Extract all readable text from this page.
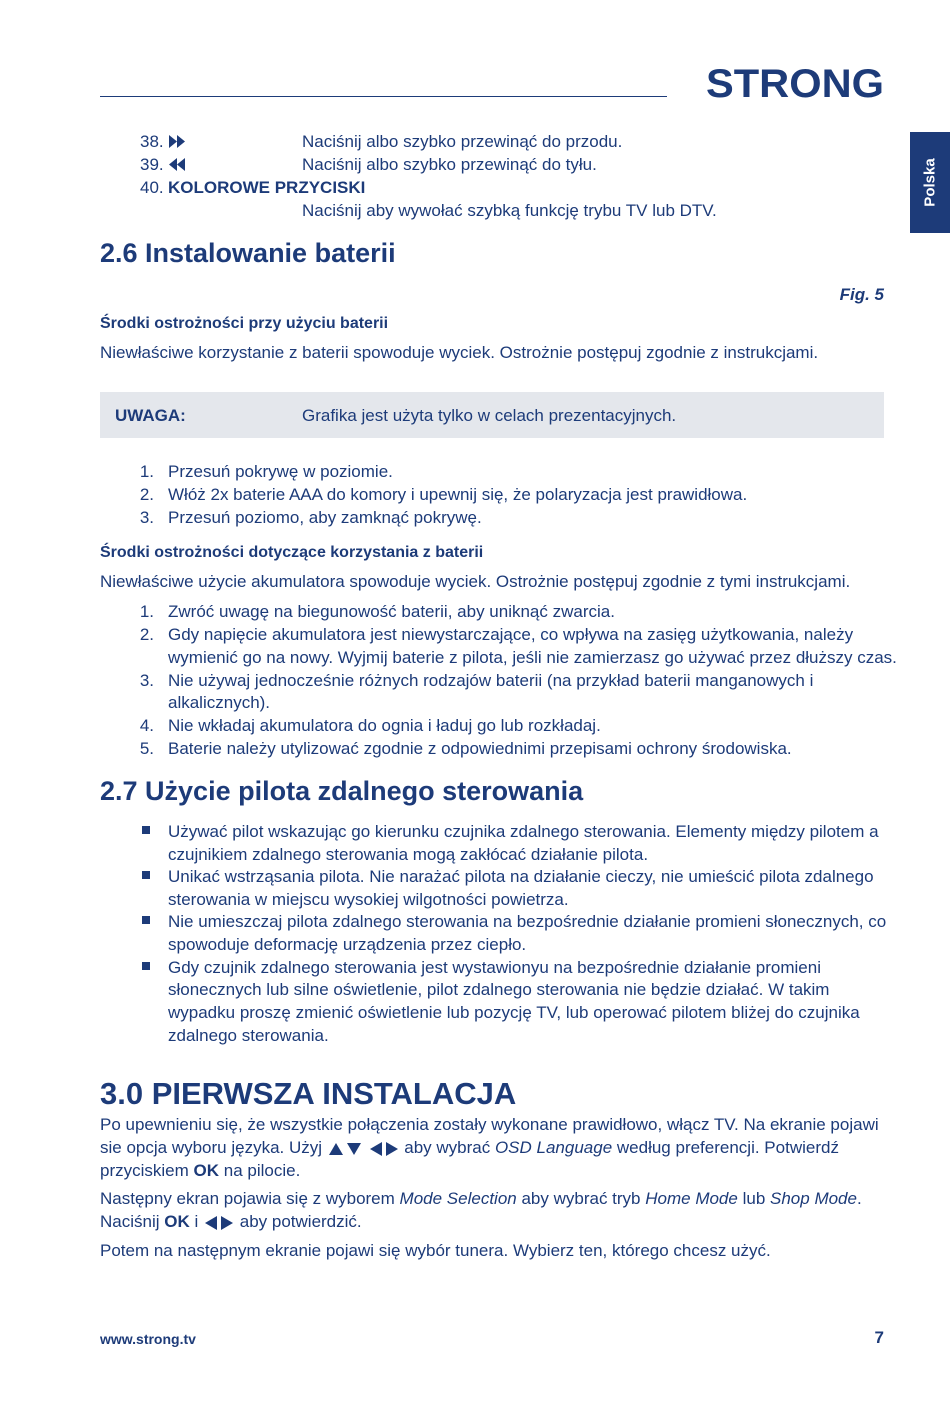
STRONG
Polska
38.	Naciśnij albo szybko przewinąć do przodu.
39.	Naciśnij albo szybko przewinąć do tyłu.
40. KOLOROWE PRZYCISKI
Naciśnij aby wywołać szybką funkcję trybu TV lub DTV.
2.6 Instalowanie baterii
Fig. 5
Środki ostrożności przy użyciu baterii
Niewłaściwe korzystanie z baterii spowoduje wyciek. Ostrożnie postępuj zgodnie z instrukcjami.
UWAGA:	Grafika jest użyta tylko w celach prezentacyjnych.
1. Przesuń pokrywę w poziomie.
2. Włóż 2x baterie AAA do komory i upewnij się, że polaryzacja jest prawidłowa.
3. Przesuń poziomo, aby zamknąć pokrywę.
Środki ostrożności dotyczące korzystania z baterii
Niewłaściwe użycie akumulatora spowoduje wyciek. Ostrożnie postępuj zgodnie z tymi instrukcjami.
1. Zwróć uwagę na biegunowość baterii, aby uniknąć zwarcia.
2. Gdy napięcie akumulatora jest niewystarczające, co wpływa na zasięg użytkowania, należy
wymienić go na nowy. Wyjmij baterie z pilota, jeśli nie zamierzasz go używać przez dłuższy czas.
3. Nie używaj jednocześnie różnych rodzajów baterii (na przykład baterii manganowych i
alkalicznych).
4. Nie wkładaj akumulatora do ognia i ładuj go lub rozkładaj.
5. Baterie należy utylizować zgodnie z odpowiednimi przepisami ochrony środowiska.
2.7 Użycie pilota zdalnego sterowania
Używać pilot wskazując go kierunku czujnika zdalnego sterowania. Elementy między pilotem a
czujnikiem zdalnego sterowania mogą zakłócać działanie pilota.
Unikać wstrząsania pilota. Nie narażać pilota na działanie cieczy, nie umieścić pilota zdalnego
sterowania w miejscu wysokiej wilgotności powietrza.
Nie umieszczaj pilota zdalnego sterowania na bezpośrednie działanie promieni słonecznych, co
spowoduje deformację urządzenia przez ciepło.
Gdy czujnik zdalnego sterowania jest wystawionyu na bezpośrednie działanie promieni
słonecznych lub silne oświetlenie, pilot zdalnego sterowania nie będzie działać. W takim
wypadku proszę zmienić oświetlenie lub pozycję TV, lub operować pilotem bliżej do czujnika
zdalnego sterowania.
3.0 PIERWSZA INSTALACJA
Po upewnieniu się, że wszystkie połączenia zostały wykonane prawidłowo, włącz TV. Na ekranie pojawi
sie opcja wyboru języka. Użyj	aby wybrać OSD Language według preferencji. Potwierdź
przyciskiem OK na pilocie.
Następny ekran pojawia się z wyborem Mode Selection aby wybrać tryb Home Mode lub Shop Mode.
Naciśnij OK i aby potwierdzić.
Potem na następnym ekranie pojawi się wybór tunera. Wybierz ten, którego chcesz użyć.
www.strong.tv	7
